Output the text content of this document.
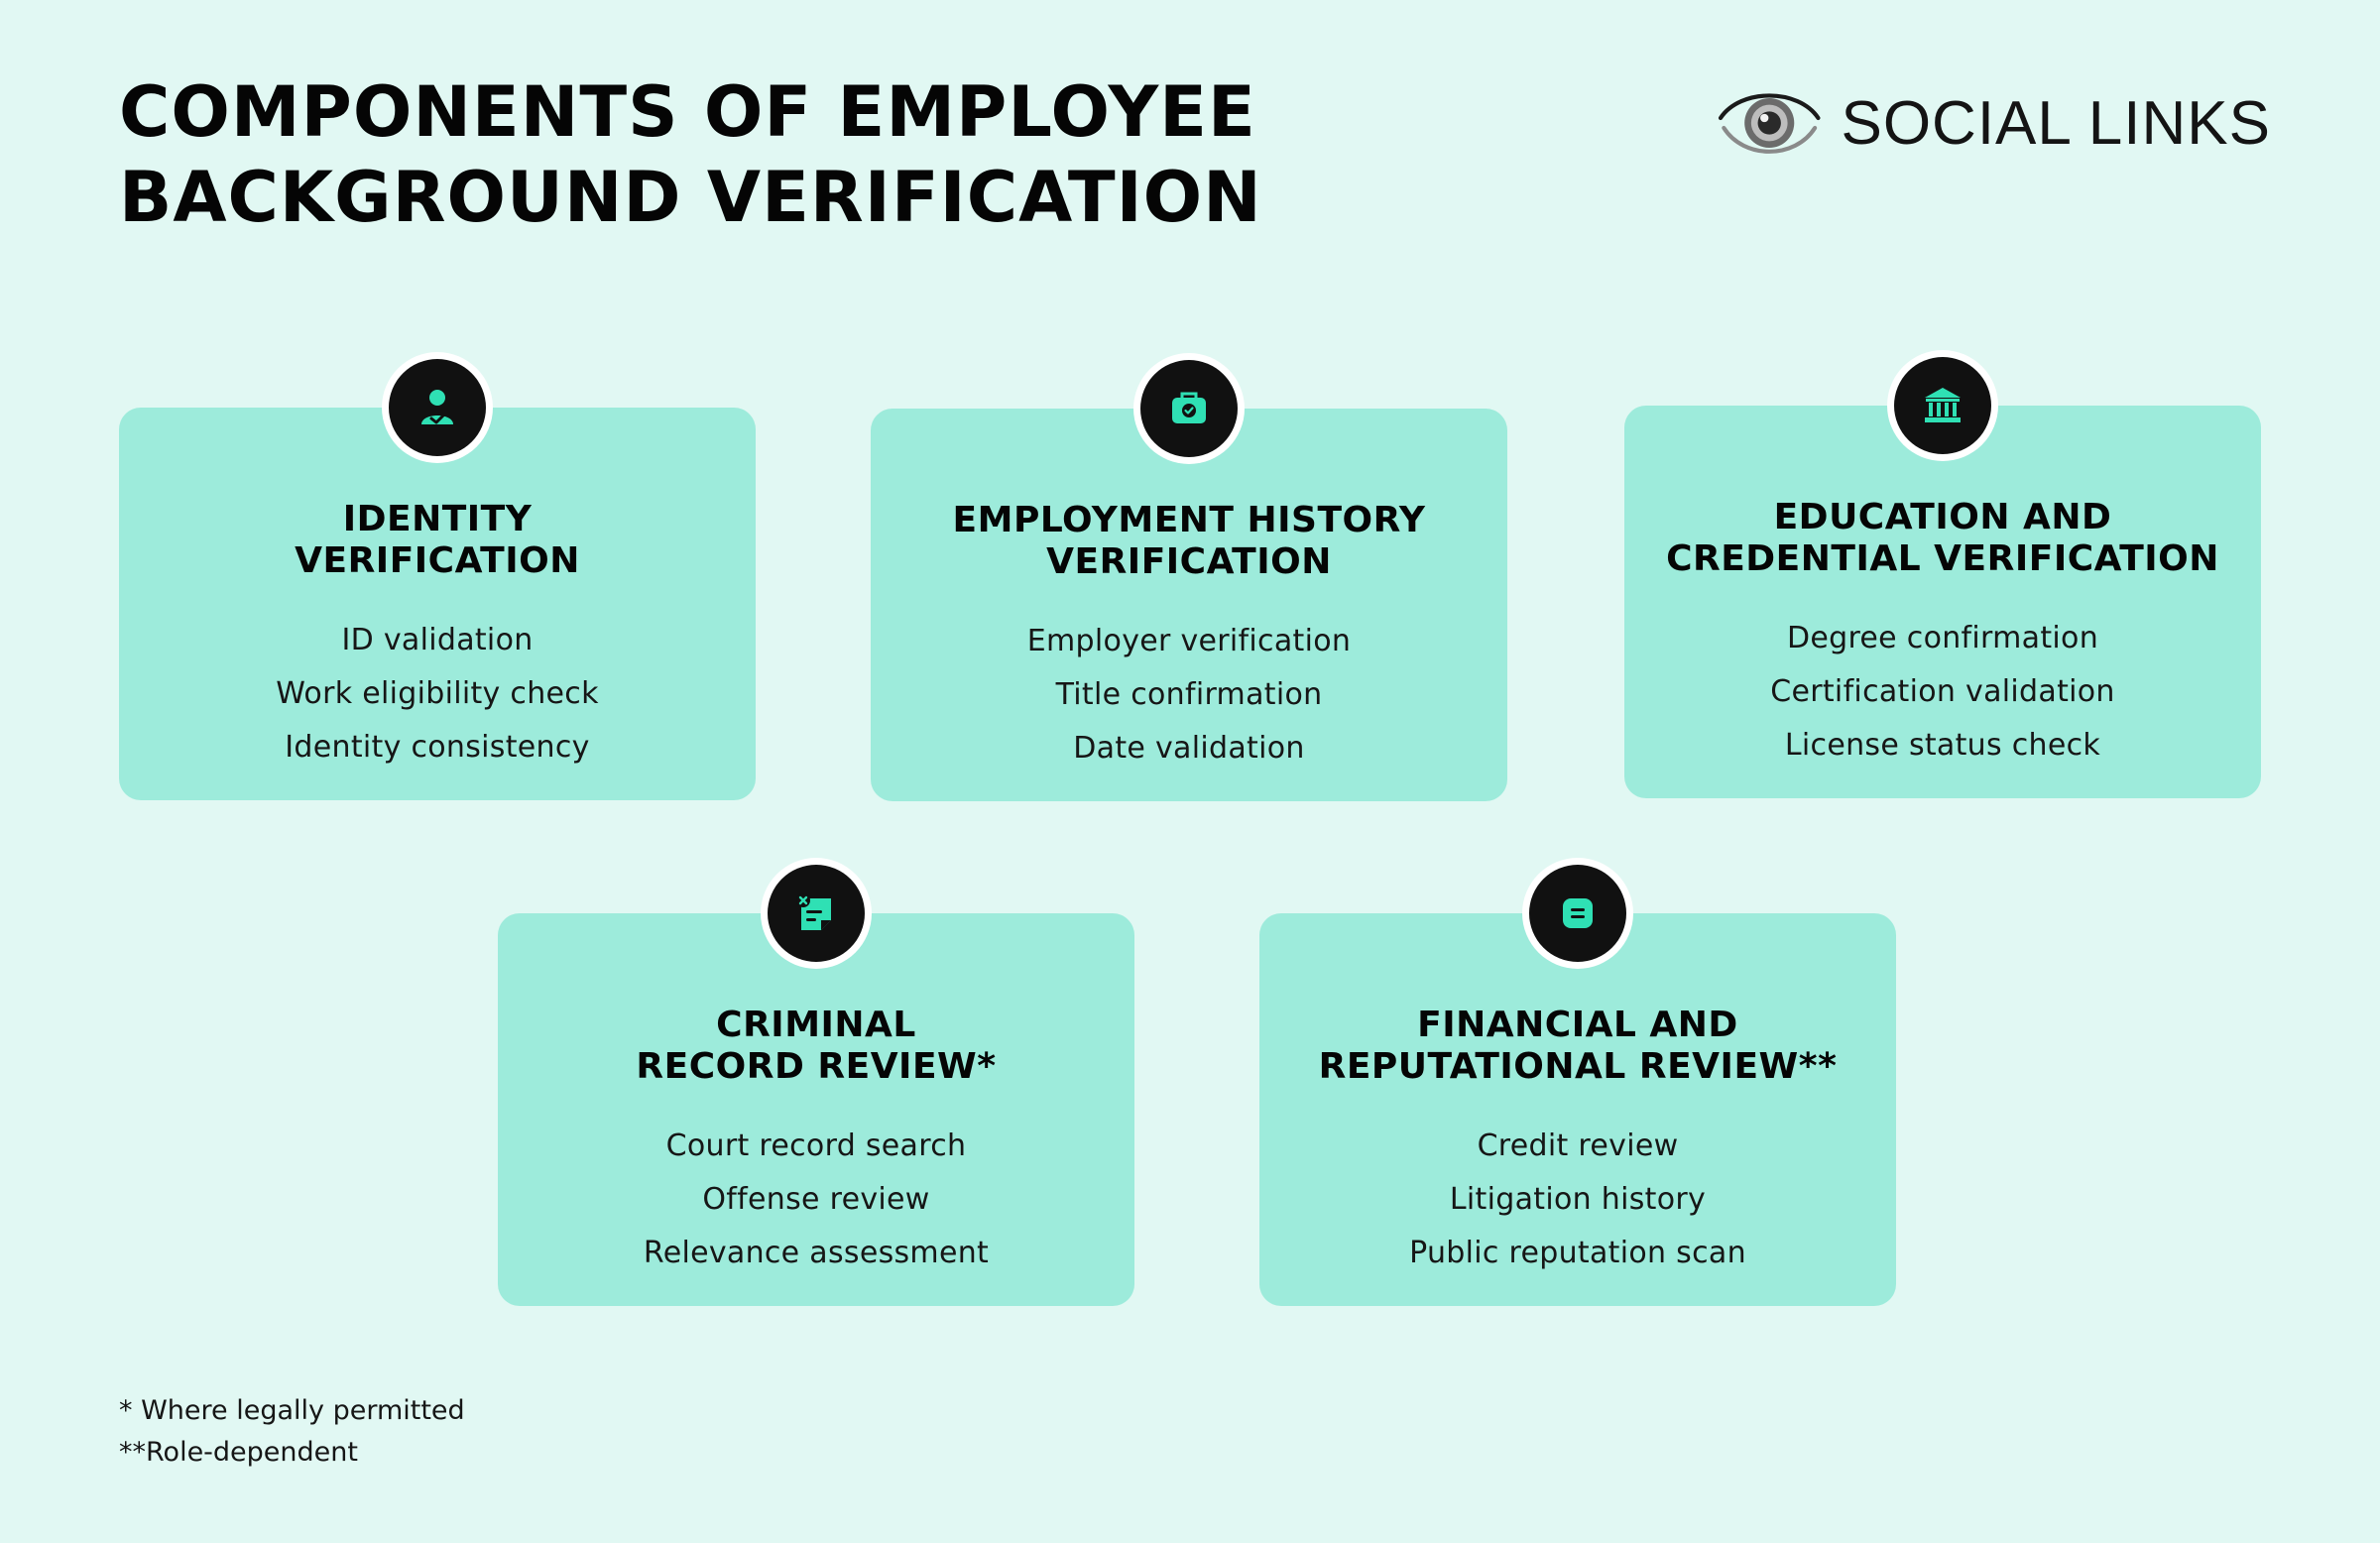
COMPONENTS OF EMPLOYEE
BACKGROUND VERIFICATION
SOCIAL LINKS
IDENTITY
VERIFICATION
ID validation
Work eligibility check
Identity consistency
EMPLOYMENT HISTORY
VERIFICATION
Employer verification
Title confirmation
Date validation
EDUCATION AND
CREDENTIAL VERIFICATION
Degree confirmation
Certification validation
License status check
CRIMINAL
RECORD REVIEW*
Court record search
Offense review
Relevance assessment
FINANCIAL AND
REPUTATIONAL REVIEW**
Credit review
Litigation history
Public reputation scan
* Where legally permitted
**Role-dependent
